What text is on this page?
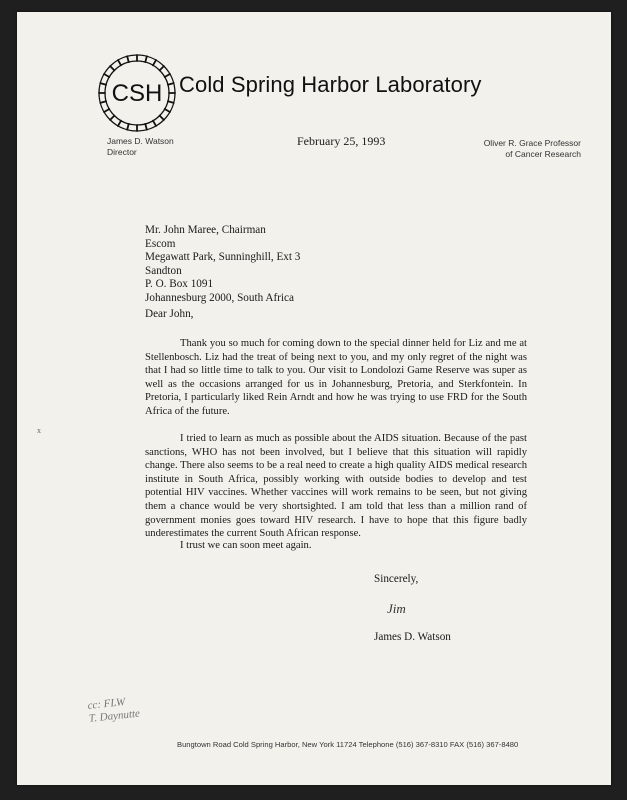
CSH Cold Spring Harbor Laboratory
James D. Watson
Director
Oliver R. Grace Professor
of Cancer Research
February 25, 1993
Mr. John Maree, Chairman
Escom
Megawatt Park, Sunninghill, Ext 3
Sandton
P. O. Box 1091
Johannesburg 2000, South Africa
Dear John,

Thank you so much for coming down to the special dinner held for Liz and me at Stellenbosch. Liz had the treat of being next to you, and my only regret of the night was that I had so little time to talk to you. Our visit to Londolozi Game Reserve was super as well as the occasions arranged for us in Johannesburg, Pretoria, and Sterkfontein. In Pretoria, I particularly liked Rein Arndt and how he was trying to use FRD for the South Africa of the future.

I tried to learn as much as possible about the AIDS situation. Because of the past sanctions, WHO has not been involved, but I believe that this situation will rapidly change. There also seems to be a real need to create a high quality AIDS medical research institute in South Africa, possibly working with outside bodies to develop and test potential HIV vaccines. Whether vaccines will work remains to be seen, but not giving them a chance would be very shortsighted. I am told that less than a million rand of government monies goes toward HIV research. I have to hope that this figure badly underestimates the current South African response.

I trust we can soon meet again.

Sincerely,
Jim
James D. Watson
x
cc: FLW
T. Daynutte
Bungtown Road Cold Spring Harbor, New York 11724 Telephone (516) 367-8310 FAX (516) 367-8480
